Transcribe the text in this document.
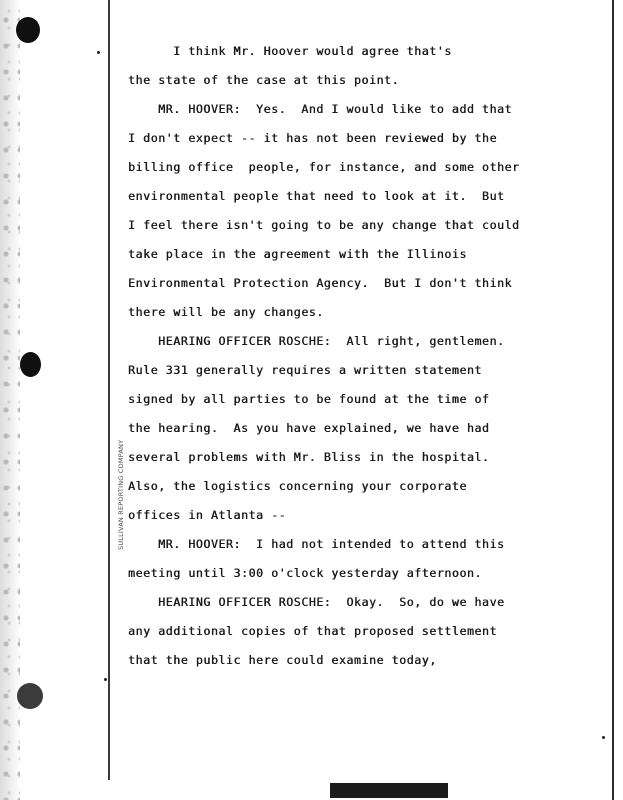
SULLIVAN REPORTING COMPANY
I think Mr. Hoover would agree that's
the state of the case at this point.
MR. HOOVER:  Yes.  And I would like to add that
I don't expect -- it has not been reviewed by the
billing office  people, for instance, and some other
environmental people that need to look at it.  But
I feel there isn't going to be any change that could
take place in the agreement with the Illinois
Environmental Protection Agency.  But I don't think
there will be any changes.
HEARING OFFICER ROSCHE:  All right, gentlemen.
Rule 331 generally requires a written statement
signed by all parties to be found at the time of
the hearing.  As you have explained, we have had
several problems with Mr. Bliss in the hospital.
Also, the logistics concerning your corporate
offices in Atlanta --
MR. HOOVER:  I had not intended to attend this
meeting until 3:00 o'clock yesterday afternoon.
HEARING OFFICER ROSCHE:  Okay.  So, do we have
any additional copies of that proposed settlement
that the public here could examine today,
